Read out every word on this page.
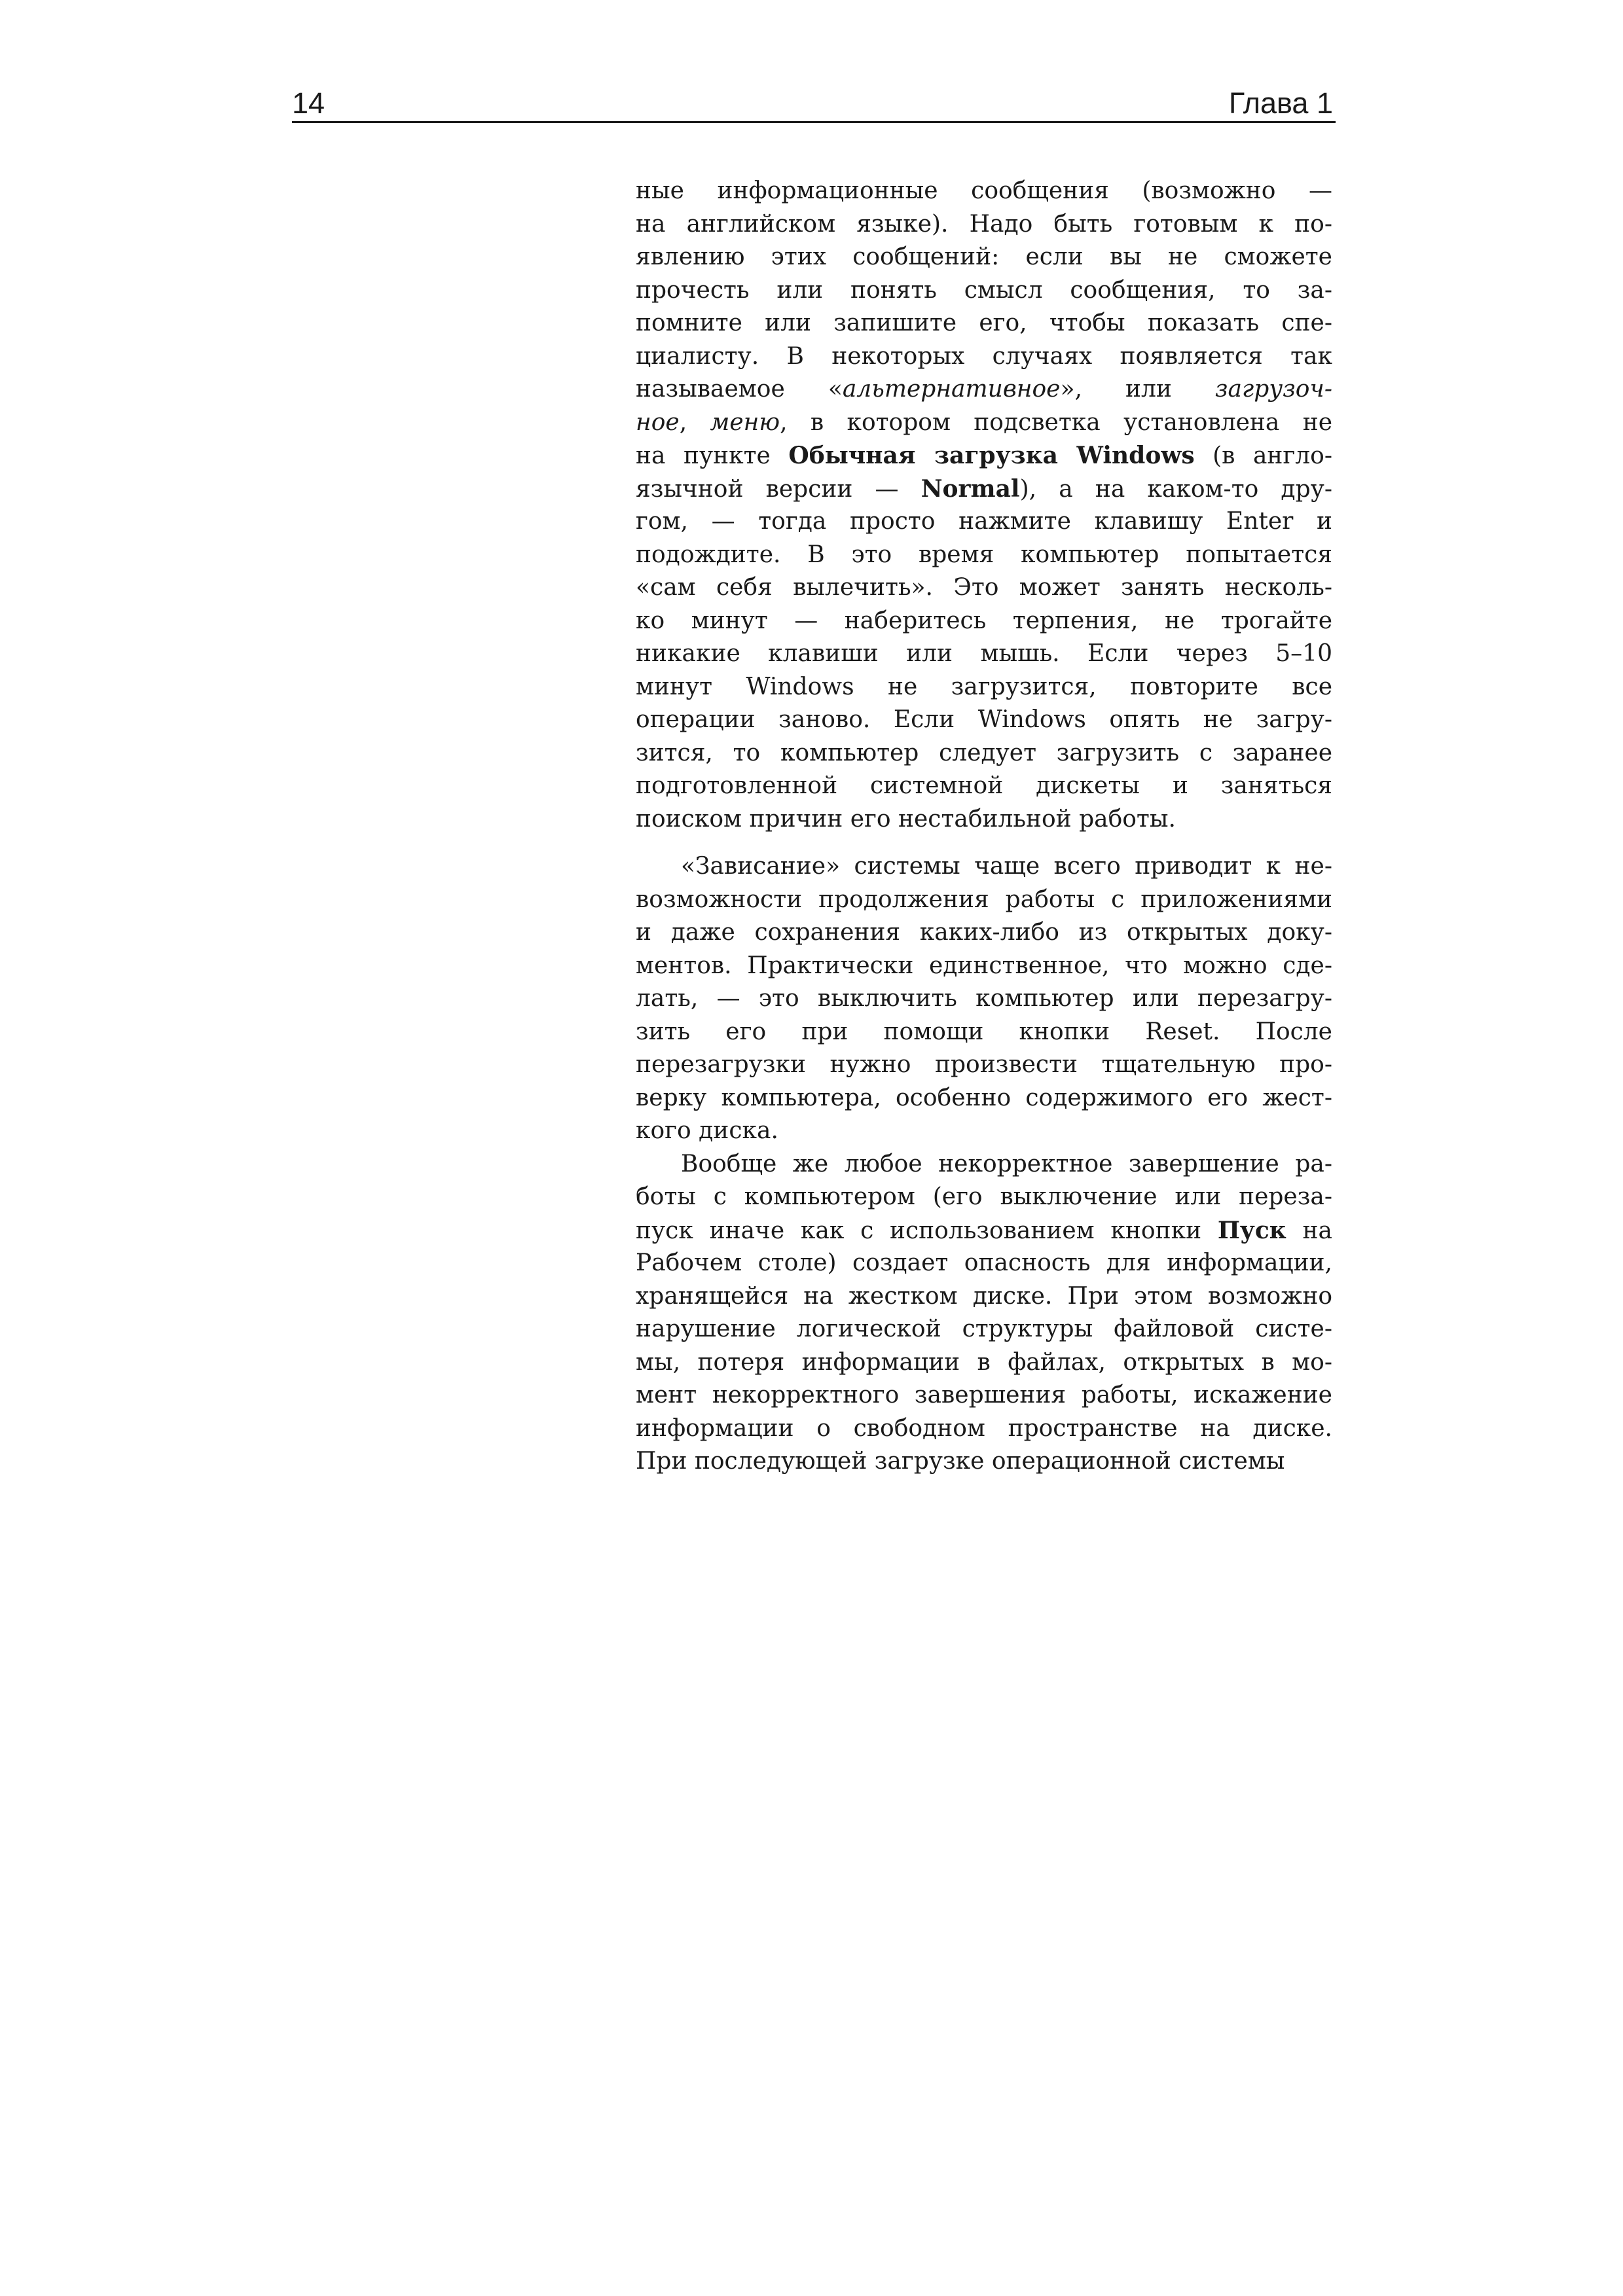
14	Глава 1
ные информационные сообщения (возможно —
на английском языке). Надо быть готовым к по-
явлению этих сообщений: если вы не сможете
прочесть или понять смысл сообщения, то за-
помните или запишите его, чтобы показать спе-
циалисту. В некоторых случаях появляется так
называемое «альтернативное», или загрузоч-
ное, меню, в котором подсветка установлена не
на пункте Обычная загрузка Windows (в англо-
язычной версии — Normal), а на каком-то дру-
гом, — тогда просто нажмите клавишу Enter и
подождите. В это время компьютер попытается
«сам себя вылечить». Это может занять несколь-
ко минут — наберитесь терпения, не трогайте
никакие клавиши или мышь. Если через 5–10
минут Windows не загрузится, повторите все
операции заново. Если Windows опять не загру-
зится, то компьютер следует загрузить с заранее
подготовленной системной дискеты и заняться
поиском причин его нестабильной работы.
«Зависание» системы чаще всего приводит к не-
возможности продолжения работы с приложениями
и даже сохранения каких-либо из открытых доку-
ментов. Практически единственное, что можно сде-
лать, — это выключить компьютер или перезагру-
зить его при помощи кнопки Reset. После
перезагрузки нужно произвести тщательную про-
верку компьютера, особенно содержимого его жест-
кого диска.
Вообще же любое некорректное завершение ра-
боты с компьютером (его выключение или переза-
пуск иначе как с использованием кнопки Пуск на
Рабочем столе) создает опасность для информации,
хранящейся на жестком диске. При этом возможно
нарушение логической структуры файловой систе-
мы, потеря информации в файлах, открытых в мо-
мент некорректного завершения работы, искажение
информации о свободном пространстве на диске.
При последующей загрузке операционной системы
